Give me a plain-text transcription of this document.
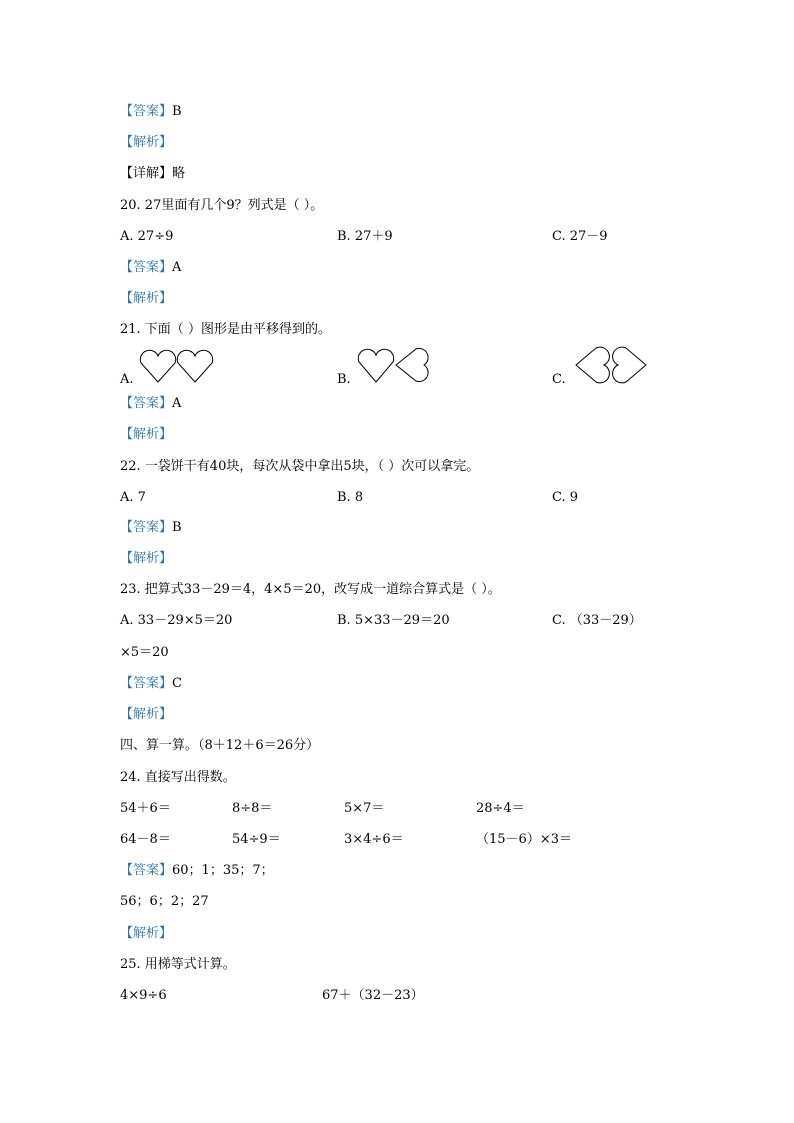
【答案】B
【解析】
【详解】略
20. 27里面有几个9？列式是（ ）。
A. 27÷9	B. 27＋9	C. 27－9
【答案】A
【解析】
21. 下面（ ）图形是由平移得到的。
A.	B.	C.
【答案】A
【解析】
22. 一袋饼干有40块，每次从袋中拿出5块，（ ）次可以拿完。
A. 7	B. 8	C. 9
【答案】B
【解析】
23. 把算式33－29＝4，4×5＝20，改写成一道综合算式是（ ）。
A. 33－29×5＝20	B. 5×33－29＝20	C. （33－29）
×5＝20
【答案】C
【解析】
四、算一算。（8＋12＋6＝26分）
24. 直接写出得数。
54＋6＝	8÷8＝	5×7＝	28÷4＝
64－8＝	54÷9＝	3×4÷6＝	（15－6）×3＝
【答案】60；1；35；7；
56；6；2；27
【解析】
25. 用梯等式计算。
4×9÷6	67＋（32－23）
